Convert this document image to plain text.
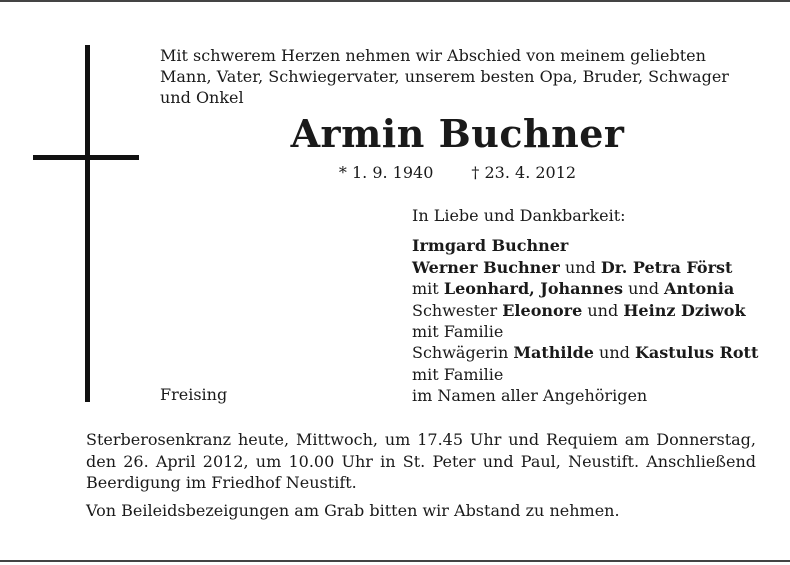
Mit schwerem Herzen nehmen wir Abschied von meinem geliebten
Mann, Vater, Schwiegervater, unserem besten Opa, Bruder, Schwager
und Onkel
Armin Buchner
* 1. 9. 1940 † 23. 4. 2012
In Liebe und Dankbarkeit:
Irmgard Buchner
Werner Buchner und Dr. Petra Först
mit Leonhard, Johannes und Antonia
Schwester Eleonore und Heinz Dziwok
mit Familie
Schwägerin Mathilde und Kastulus Rott
mit Familie
im Namen aller Angehörigen
Freising

Sterberosenkranz heute, Mittwoch, um 17.45 Uhr und Requiem am Donnerstag, den 26. April 2012, um 10.00 Uhr in St. Peter und Paul, Neustift. Anschließend Beerdigung im Friedhof Neustift.

Von Beileidsbezeigungen am Grab bitten wir Abstand zu nehmen.
